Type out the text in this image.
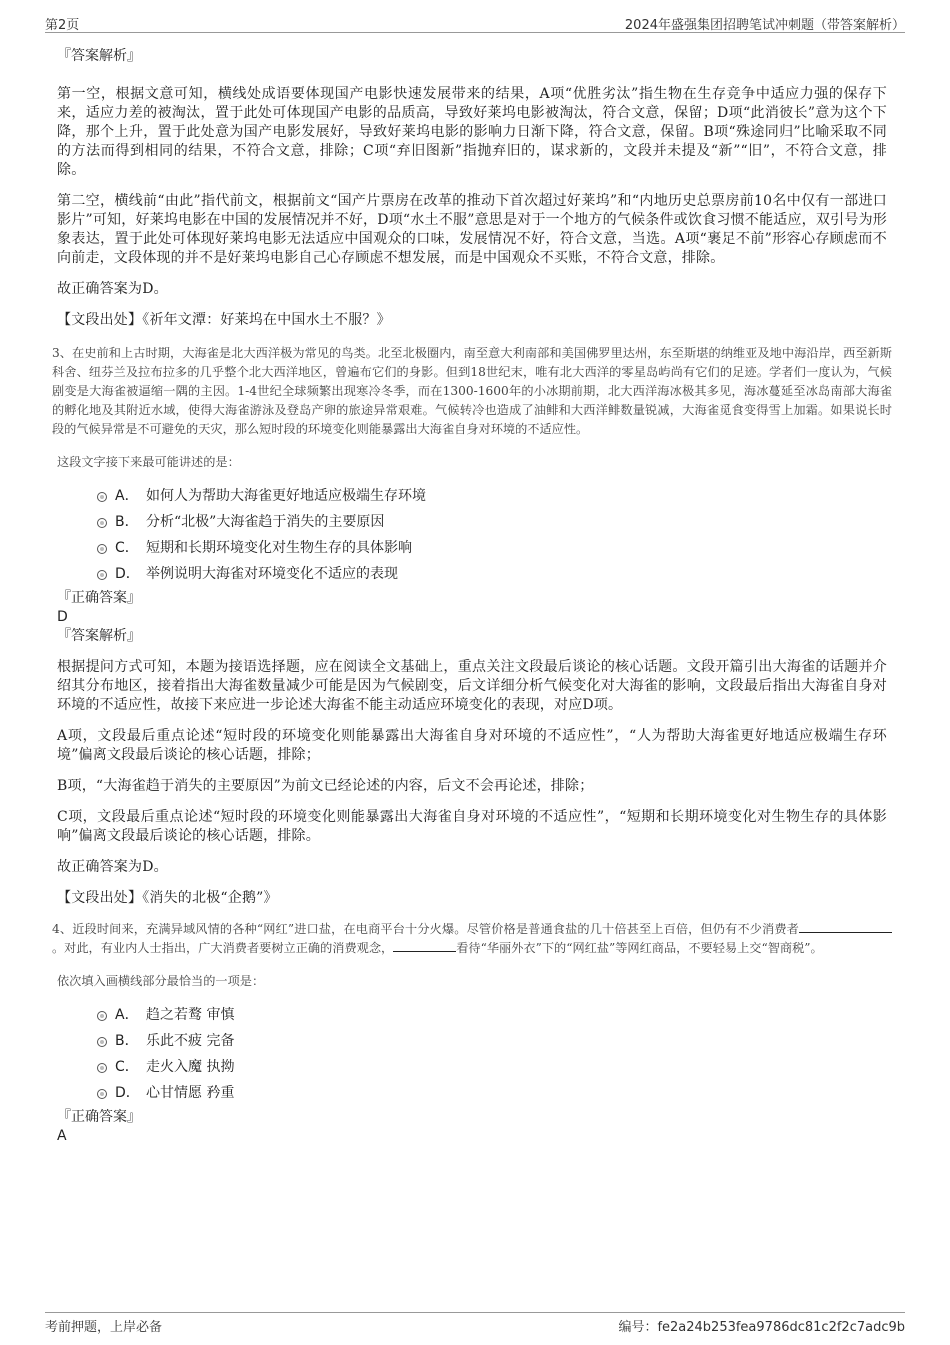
第2页	2024年盛强集团招聘笔试冲刺题（带答案解析）

『答案解析』

第一空，根据文意可知，横线处成语要体现国产电影快速发展带来的结果，A项“优胜劣汰”指生物在生存竞争中适应力强的保存下来，适应力差的被淘汰，置于此处可体现国产电影的品质高，导致好莱坞电影被淘汰，符合文意，保留；D项“此消彼长”意为这个下降，那个上升，置于此处意为国产电影发展好，导致好莱坞电影的影响力日渐下降，符合文意，保留。B项“殊途同归”比喻采取不同的方法而得到相同的结果，不符合文意，排除；C项“弃旧图新”指抛弃旧的，谋求新的，文段并未提及“新”“旧”，不符合文意，排除。

第二空，横线前“由此”指代前文，根据前文“国产片票房在改革的推动下首次超过好莱坞”和“内地历史总票房前10名中仅有一部进口影片”可知，好莱坞电影在中国的发展情况并不好，D项“水土不服”意思是对于一个地方的气候条件或饮食习惯不能适应，双引号为形象表达，置于此处可体现好莱坞电影无法适应中国观众的口味，发展情况不好，符合文意，当选。A项“裹足不前”形容心存顾虑而不向前走，文段体现的并不是好莱坞电影自己心存顾虑不想发展，而是中国观众不买账，不符合文意，排除。

故正确答案为D。

【文段出处】《祈年文潭：好莱坞在中国水土不服？》

3、在史前和上古时期，大海雀是北大西洋极为常见的鸟类。北至北极圈内，南至意大利南部和美国佛罗里达州，东至斯堪的纳维亚及地中海沿岸，西至新斯科舍、纽芬兰及拉布拉多的几乎整个北大西洋地区，曾遍布它们的身影。但到18世纪末，唯有北大西洋的零星岛屿尚有它们的足迹。学者们一度认为，气候剧变是大海雀被逼缩一隅的主因。1-4世纪全球频繁出现寒冷冬季，而在1300-1600年的小冰期前期，北大西洋海冰极其多见，海冰蔓延至冰岛南部大海雀的孵化地及其附近水域，使得大海雀游泳及登岛产卵的旅途异常艰难。气候转冷也造成了油鲱和大西洋鲱数量锐减，大海雀觅食变得雪上加霜。如果说长时段的气候异常是不可避免的天灾，那么短时段的环境变化则能暴露出大海雀自身对环境的不适应性。

这段文字接下来最可能讲述的是：

A． 如何人为帮助大海雀更好地适应极端生存环境
B． 分析“北极”大海雀趋于消失的主要原因
C． 短期和长期环境变化对生物生存的具体影响
D． 举例说明大海雀对环境变化不适应的表现

『正确答案』

D

『答案解析』

根据提问方式可知，本题为接语选择题，应在阅读全文基础上，重点关注文段最后谈论的核心话题。文段开篇引出大海雀的话题并介绍其分布地区，接着指出大海雀数量减少可能是因为气候剧变，后文详细分析气候变化对大海雀的影响，文段最后指出大海雀自身对环境的不适应性，故接下来应进一步论述大海雀不能主动适应环境变化的表现，对应D项。

A项，文段最后重点论述“短时段的环境变化则能暴露出大海雀自身对环境的不适应性”，“人为帮助大海雀更好地适应极端生存环境”偏离文段最后谈论的核心话题，排除；

B项，“大海雀趋于消失的主要原因”为前文已经论述的内容，后文不会再论述，排除；

C项，文段最后重点论述“短时段的环境变化则能暴露出大海雀自身对环境的不适应性”，“短期和长期环境变化对生物生存的具体影响”偏离文段最后谈论的核心话题，排除。

故正确答案为D。

【文段出处】《消失的北极“企鹅”》

4、近段时间来，充满异域风情的各种“网红”进口盐，在电商平台十分火爆。尽管价格是普通食盐的几十倍甚至上百倍，但仍有不少消费者。对此，有业内人士指出，广大消费者要树立正确的消费观念，	看待“华丽外衣”下的“网红盐”等网红商品，不要轻易上交“智商税”。

依次填入画横线部分最恰当的一项是：

A． 趋之若鹜 审慎
B． 乐此不疲 完备
C． 走火入魔 执拗
D． 心甘情愿 矜重

『正确答案』

A

考前押题，上岸必备	编号：fe2a24b253fea9786dc81c2f2c7adc9b
